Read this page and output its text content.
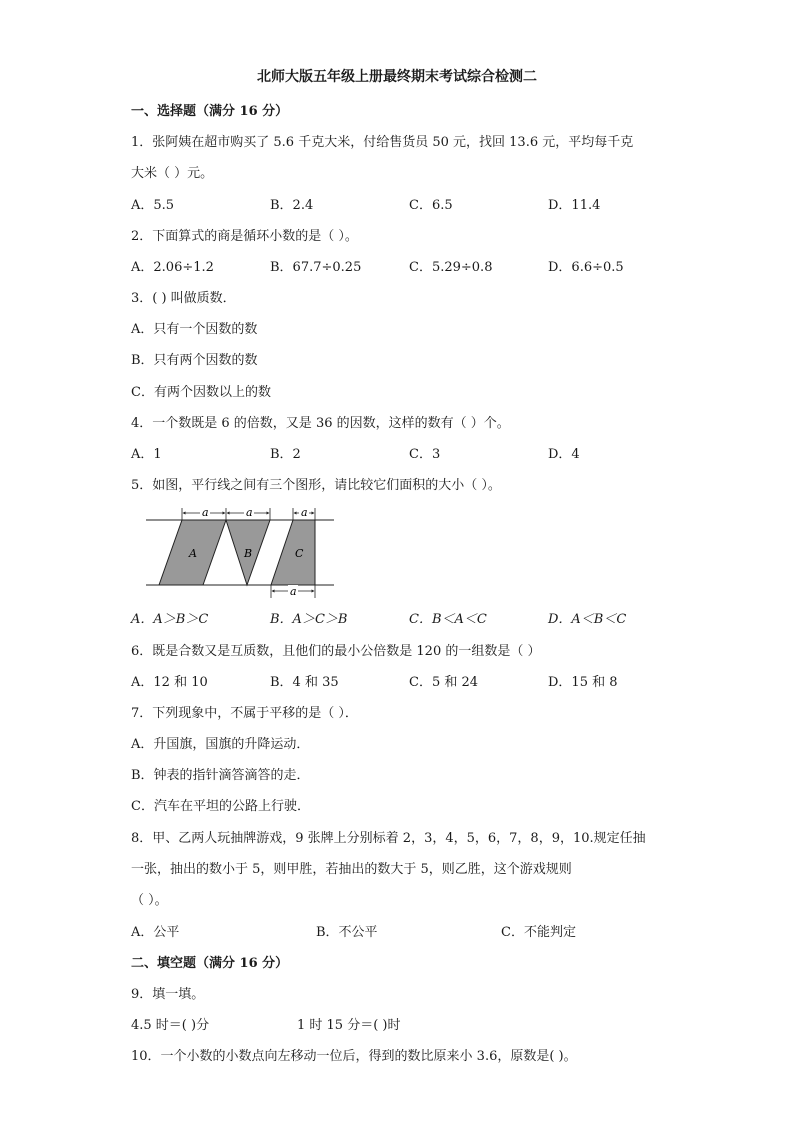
北师大版五年级上册最终期末考试综合检测二
一、选择题（满分 16 分）
1．张阿姨在超市购买了 5.6 千克大米，付给售货员 50 元，找回 13.6 元，平均每千克
大米（ ）元。
A．5.5	B．2.4	C．6.5	D．11.4
2．下面算式的商是循环小数的是（ ）。
A．2.06÷1.2	B．67.7÷0.25	C．5.29÷0.8	D．6.6÷0.5
3．( ) 叫做质数．
A．只有一个因数的数
B．只有两个因数的数
C．有两个因数以上的数
4．一个数既是 6 的倍数，又是 36 的因数，这样的数有（ ）个。
A．1	B．2	C．3	D．4
5．如图，平行线之间有三个图形，请比较它们面积的大小（ ）。
a	a	a
a
A	B	C
A．A＞B＞C	B．A＞C＞B	C．B＜A＜C	D．A＜B＜C
6．既是合数又是互质数，且他们的最小公倍数是 120 的一组数是（ ）
A．12 和 10	B．4 和 35	C．5 和 24	D．15 和 8
7．下列现象中，不属于平移的是（ ）．
A．升国旗，国旗的升降运动．
B．钟表的指针滴答滴答的走．
C．汽车在平坦的公路上行驶．
8．甲、乙两人玩抽牌游戏，9 张牌上分别标着 2，3，4，5，6，7，8，9，10.规定任抽
一张，抽出的数小于 5，则甲胜，若抽出的数大于 5，则乙胜，这个游戏规则
（ ）。
A．公平	B．不公平	C．不能判定
二、填空题（满分 16 分）
9．填一填。
4.5 时＝( )分	1 时 15 分＝( )时
10．一个小数的小数点向左移动一位后，得到的数比原来小 3.6，原数是( )。
